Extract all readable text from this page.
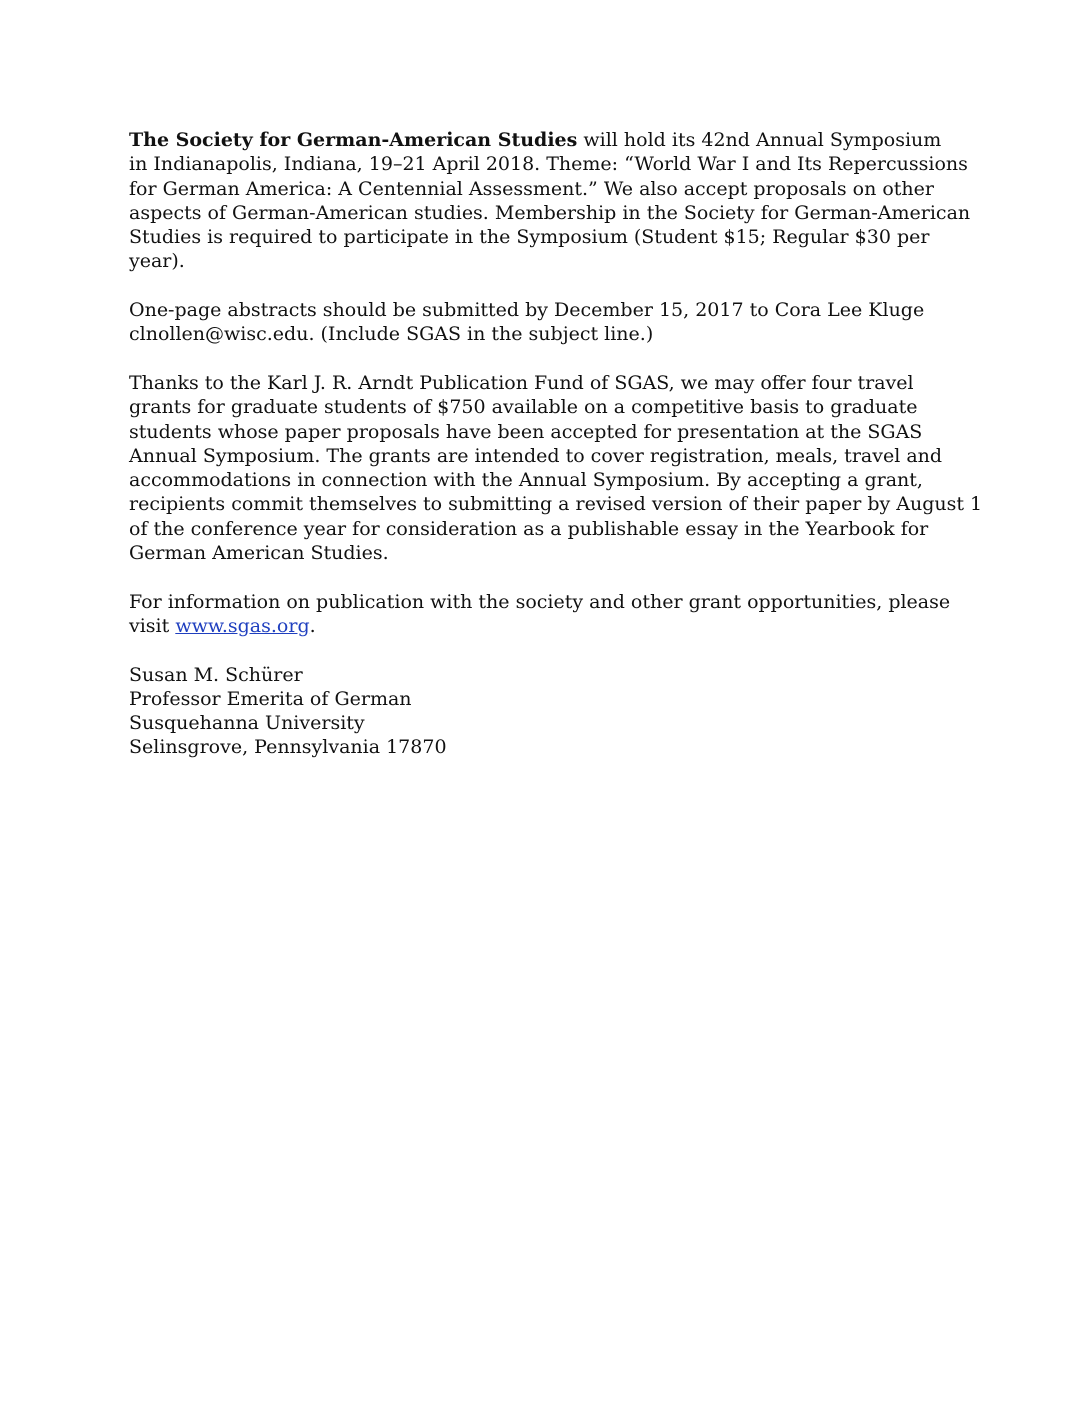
The Society for German-American Studies will hold its 42nd Annual Symposium
in Indianapolis, Indiana, 19–21 April 2018. Theme: “World War I and Its Repercussions
for German America: A Centennial Assessment.” We also accept proposals on other
aspects of German-American studies. Membership in the Society for German-American
Studies is required to participate in the Symposium (Student $15; Regular $30 per
year).

One-page abstracts should be submitted by December 15, 2017 to Cora Lee Kluge
clnollen@wisc.edu. (Include SGAS in the subject line.)

Thanks to the Karl J. R. Arndt Publication Fund of SGAS, we may offer four travel
grants for graduate students of $750 available on a competitive basis to graduate
students whose paper proposals have been accepted for presentation at the SGAS
Annual Symposium. The grants are intended to cover registration, meals, travel and
accommodations in connection with the Annual Symposium. By accepting a grant,
recipients commit themselves to submitting a revised version of their paper by August 1
of the conference year for consideration as a publishable essay in the Yearbook for
German American Studies.

For information on publication with the society and other grant opportunities, please
visit www.sgas.org.

Susan M. Schürer
Professor Emerita of German
Susquehanna University
Selinsgrove, Pennsylvania 17870
